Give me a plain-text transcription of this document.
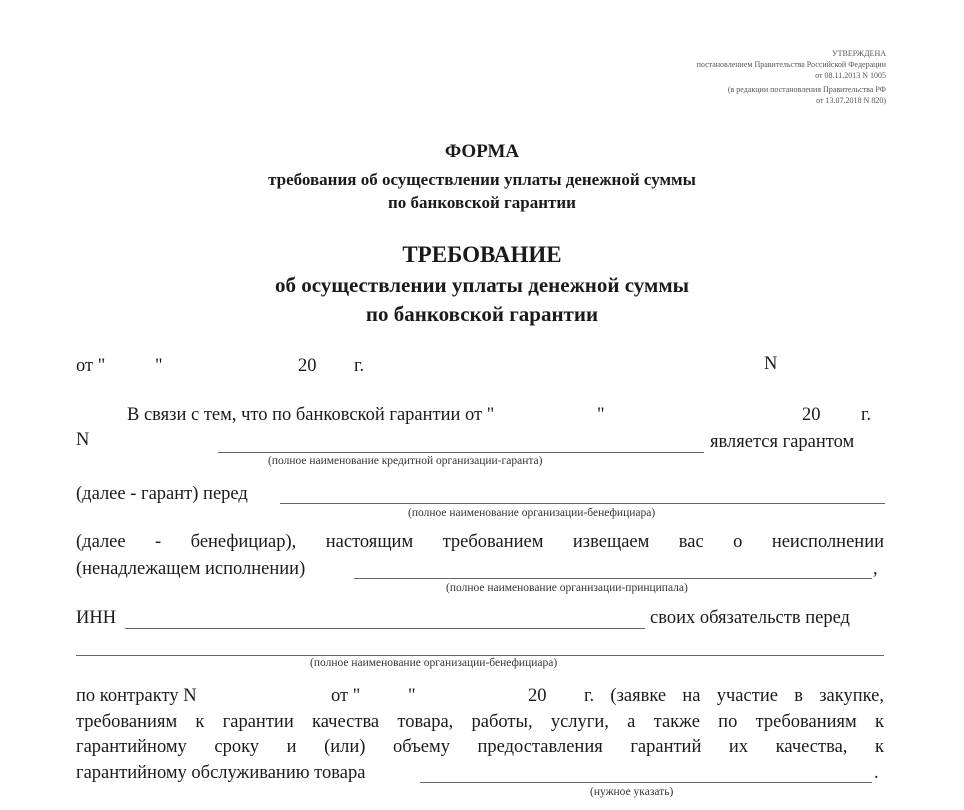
УТВЕРЖДЕНА
постановлением Правительства Российской Федерации
от 08.11.2013 N 1005
(в редакции постановления Правительства РФ
от 13.07.2018 N 820)
ФОРМА
требования об осуществлении уплаты денежной суммы
по банковской гарантии
ТРЕБОВАНИЕ
об осуществлении уплаты денежной суммы
по банковской гарантии
от "	"	20 г.	N
В связи с тем, что по банковской гарантии от "	"	20 г.
N	является гарантом
(полное наименование кредитной организации-гаранта)
(далее - гарант) перед
(полное наименование организации-бенефициара)
(далее - бенефициар), настоящим требованием извещаем вас о неисполнении
(ненадлежащем исполнении)	,
(полное наименование организации-принципала)
ИНН	своих обязательств перед
(полное наименование организации-бенефициара)
по контракту N	от "	"	20 г. (заявке на участие в закупке,
требованиям к гарантии качества товара, работы, услуги, а также по требованиям к
гарантийному сроку и (или) объему предоставления гарантий их качества, к
гарантийному обслуживанию товара	.
(нужное указать)
